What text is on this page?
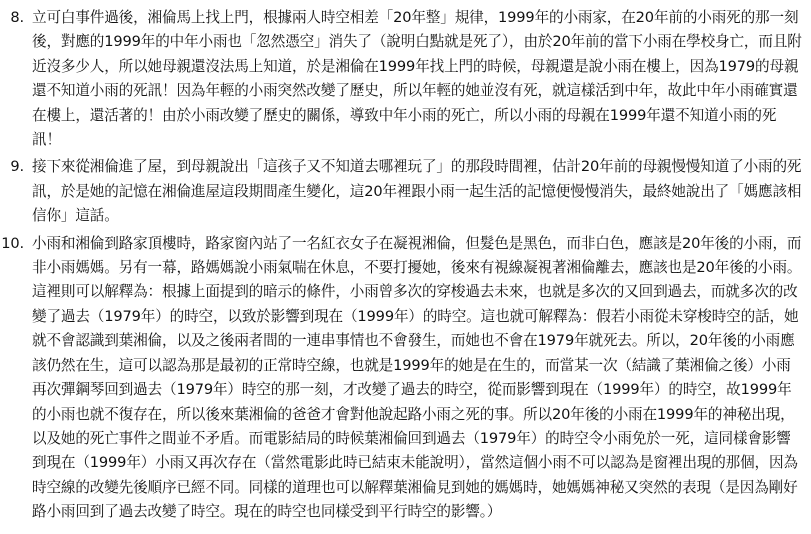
8. 立可白事件過後，湘倫馬上找上門，根據兩人時空相差「20年整」規律，1999年的小雨家，在20年前的小雨死的那一刻後，對應的1999年的中年小雨也「忽然憑空」消失了（說明白點就是死了），由於20年前的當下小雨在學校身亡，而且附近沒多少人，所以她母親還沒法馬上知道，於是湘倫在1999年找上門的時候，母親還是說小雨在樓上，因為1979的母親還不知道小雨的死訊！因為年輕的小雨突然改變了歷史，所以年輕的她並沒有死，就這樣活到中年，故此中年小雨確實還在樓上，還活著的！由於小雨改變了歷史的關係，導致中年小雨的死亡，所以小雨的母親在1999年還不知道小雨的死訊！
9. 接下來從湘倫進了屋，到母親說出「這孩子又不知道去哪裡玩了」的那段時間裡，估計20年前的母親慢慢知道了小雨的死訊，於是她的記憶在湘倫進屋這段期間產生變化，這20年裡跟小雨一起生活的記憶便慢慢消失，最終她說出了「媽應該相信你」這話。
10. 小雨和湘倫到路家頂樓時，路家窗內站了一名紅衣女子在凝視湘倫，但髮色是黑色，而非白色，應該是20年後的小雨，而非小雨媽媽。另有一幕，路媽媽說小雨氣喘在休息，不要打擾她，後來有視線凝視著湘倫離去，應該也是20年後的小雨。這裡則可以解釋為：根據上面提到的暗示的條件，小雨曾多次的穿梭過去未來，也就是多次的又回到過去，而就多次的改變了過去（1979年）的時空，以致於影響到現在（1999年）的時空。這也就可解釋為：假若小雨從未穿梭時空的話，她就不會認識到葉湘倫，以及之後兩者間的一連串事情也不會發生，而她也不會在1979年就死去。所以，20年後的小雨應該仍然在生，這可以認為那是最初的正常時空線，也就是1999年的她是在生的，而當某一次（結識了葉湘倫之後）小雨再次彈鋼琴回到過去（1979年）時空的那一刻，才改變了過去的時空，從而影響到現在（1999年）的時空，故1999年的小雨也就不復存在，所以後來葉湘倫的爸爸才會對他說起路小雨之死的事。所以20年後的小雨在1999年的神秘出現，以及她的死亡事件之間並不矛盾。而電影結局的時候葉湘倫回到過去（1979年）的時空令小雨免於一死，這同樣會影響到現在（1999年）小雨又再次存在（當然電影此時已結束未能說明），當然這個小雨不可以認為是窗裡出現的那個，因為時空線的改變先後順序已經不同。同樣的道理也可以解釋葉湘倫見到她的媽媽時，她媽媽神秘又突然的表現（是因為剛好路小雨回到了過去改變了時空。現在的時空也同樣受到平行時空的影響。）
